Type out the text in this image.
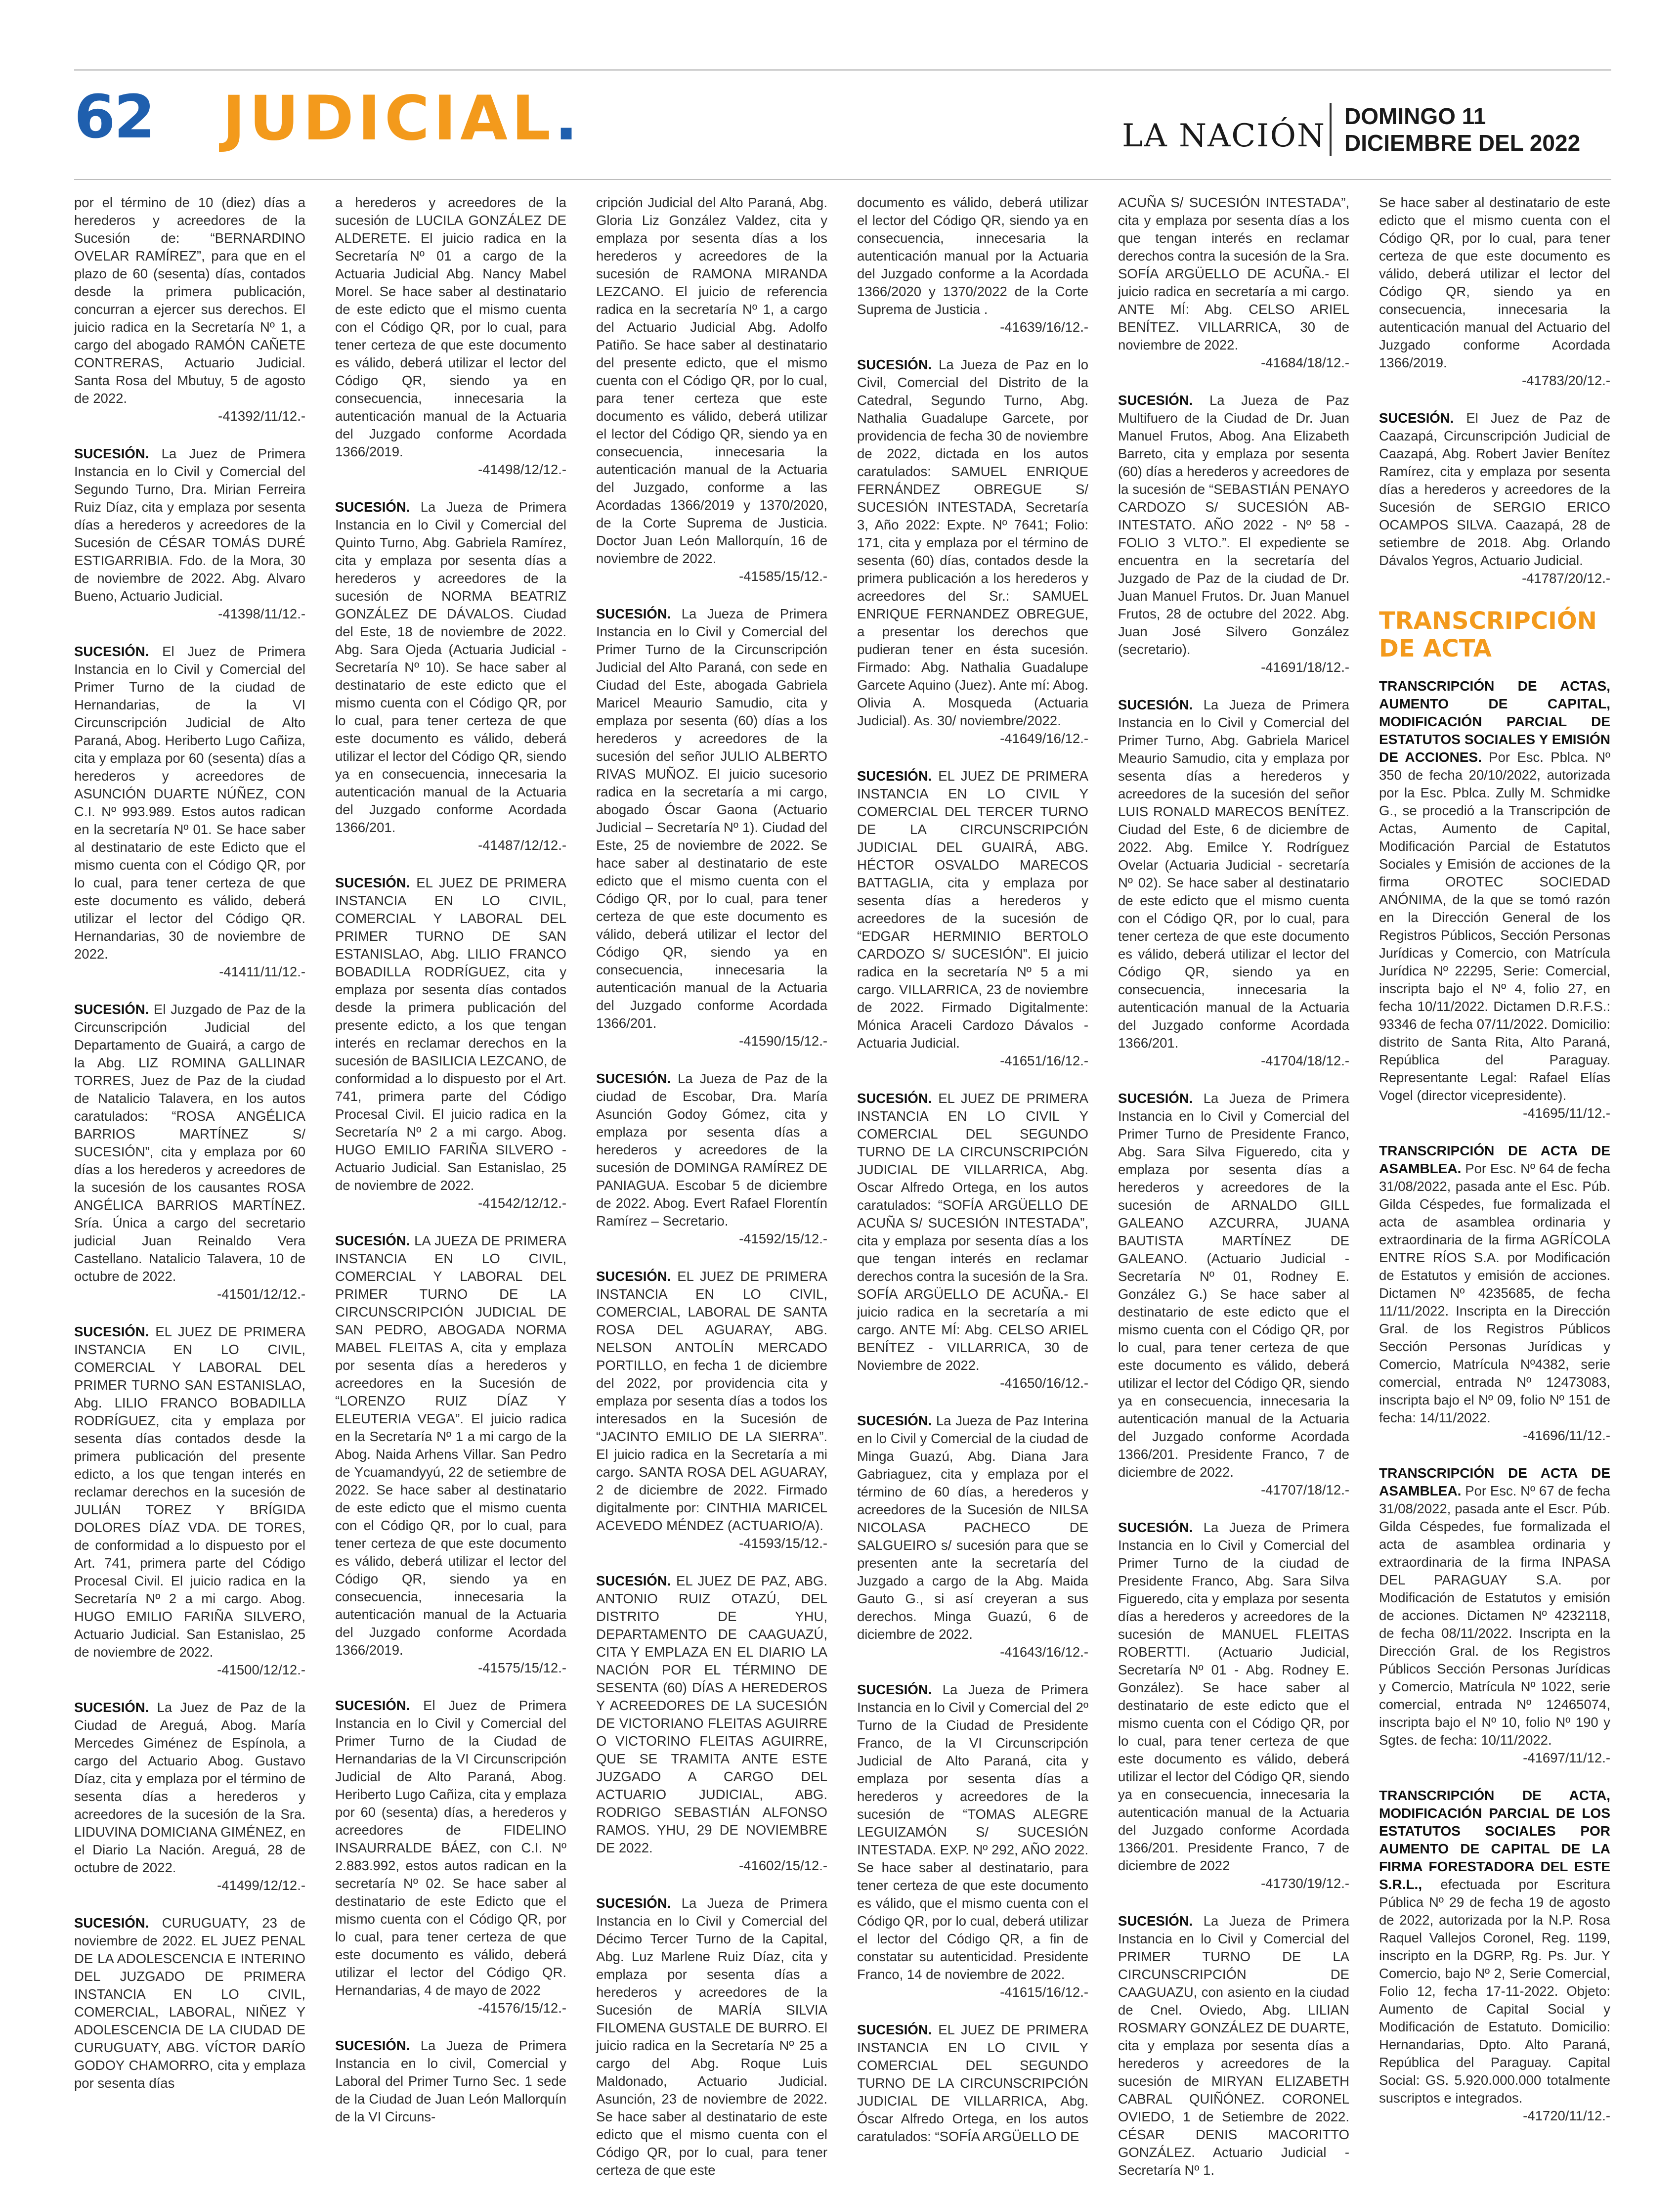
62 JUDICIAL.	LA NACIÓN
DOMINGO 11
DICIEMBRE DEL 2022

por el término de 10 (diez) días a herederos y acreedores de la Sucesión de: “BERNARDINO OVELAR RAMÍREZ”, para que en el plazo de 60 (sesenta) días, contados desde la primera publicación, concurran a ejercer sus derechos. El juicio radica en la Secretaría Nº 1, a cargo del abogado RAMÓN CAÑETE CONTRERAS, Actuario Judicial. Santa Rosa del Mbutuy, 5 de agosto de 2022.
-41392/11/12.-

SUCESIÓN. La Juez de Primera Instancia en lo Civil y Comercial del Segundo Turno, Dra. Mirian Ferreira Ruiz Díaz, cita y emplaza por sesenta días a herederos y acreedores de la Sucesión de CÉSAR TOMÁS DURÉ ESTIGARRIBIA. Fdo. de la Mora, 30 de noviembre de 2022. Abg. Alvaro Bueno, Actuario Judicial.
-41398/11/12.-

SUCESIÓN. El Juez de Primera Instancia en lo Civil y Comercial del Primer Turno de la ciudad de Hernandarias, de la VI Circunscripción Judicial de Alto Paraná, Abog. Heriberto Lugo Cañiza, cita y emplaza por 60 (sesenta) días a herederos y acreedores de ASUNCIÓN DUARTE NÚÑEZ, CON C.I. Nº 993.989. Estos autos radican en la secretaría Nº 01. Se hace saber al destinatario de este Edicto que el mismo cuenta con el Código QR, por lo cual, para tener certeza de que este documento es válido, deberá utilizar el lector del Código QR. Hernandarias, 30 de noviembre de 2022.
-41411/11/12.-

SUCESIÓN. El Juzgado de Paz de la Circunscripción Judicial del Departamento de Guairá, a cargo de la Abg. LIZ ROMINA GALLINAR TORRES, Juez de Paz de la ciudad de Natalicio Talavera, en los autos caratulados: “ROSA ANGÉLICA BARRIOS MARTÍNEZ S/ SUCESIÓN”, cita y emplaza por 60 días a los herederos y acreedores de la sucesión de los causantes ROSA ANGÉLICA BARRIOS MARTÍNEZ. Sría. Única a cargo del secretario judicial Juan Reinaldo Vera Castellano. Natalicio Talavera, 10 de octubre de 2022.
-41501/12/12.-

SUCESIÓN. EL JUEZ DE PRIMERA INSTANCIA EN LO CIVIL, COMERCIAL Y LABORAL DEL PRIMER TURNO SAN ESTANISLAO, Abg. LILIO FRANCO BOBADILLA RODRÍGUEZ, cita y emplaza por sesenta días contados desde la primera publicación del presente edicto, a los que tengan interés en reclamar derechos en la sucesión de JULIÁN TOREZ Y BRÍGIDA DOLORES DÍAZ VDA. DE TORES, de conformidad a lo dispuesto por el Art. 741, primera parte del Código Procesal Civil. El juicio radica en la Secretaría Nº 2 a mi cargo. Abog. HUGO EMILIO FARIÑA SILVERO, Actuario Judicial. San Estanislao, 25 de noviembre de 2022.
-41500/12/12.-

SUCESIÓN. La Juez de Paz de la Ciudad de Areguá, Abog. María Mercedes Giménez de Espínola, a cargo del Actuario Abog. Gustavo Díaz, cita y emplaza por el término de sesenta días a herederos y acreedores de la sucesión de la Sra. LIDUVINA DOMICIANA GIMÉNEZ, en el Diario La Nación. Areguá, 28 de octubre de 2022.
-41499/12/12.-

SUCESIÓN. CURUGUATY, 23 de noviembre de 2022. EL JUEZ PENAL DE LA ADOLESCENCIA E INTERINO DEL JUZGADO DE PRIMERA INSTANCIA EN LO CIVIL, COMERCIAL, LABORAL, NIÑEZ Y ADOLESCENCIA DE LA CIUDAD DE CURUGUATY, ABG. VÍCTOR DARÍO GODOY CHAMORRO, cita y emplaza por sesenta días

a herederos y acreedores de la sucesión de LUCILA GONZÁLEZ DE ALDERETE. El juicio radica en la Secretaría Nº 01 a cargo de la Actuaria Judicial Abg. Nancy Mabel Morel. Se hace saber al destinatario de este edicto que el mismo cuenta con el Código QR, por lo cual, para tener certeza de que este documento es válido, deberá utilizar el lector del Código QR, siendo ya en consecuencia, innecesaria la autenticación manual de la Actuaria del Juzgado conforme Acordada 1366/2019.
-41498/12/12.-

SUCESIÓN. La Jueza de Primera Instancia en lo Civil y Comercial del Quinto Turno, Abg. Gabriela Ramírez, cita y emplaza por sesenta días a herederos y acreedores de la sucesión de NORMA BEATRIZ GONZÁLEZ DE DÁVALOS. Ciudad del Este, 18 de noviembre de 2022. Abg. Sara Ojeda (Actuaria Judicial - Secretaría Nº 10). Se hace saber al destinatario de este edicto que el mismo cuenta con el Código QR, por lo cual, para tener certeza de que este documento es válido, deberá utilizar el lector del Código QR, siendo ya en consecuencia, innecesaria la autenticación manual de la Actuaria del Juzgado conforme Acordada 1366/201.
-41487/12/12.-

SUCESIÓN. EL JUEZ DE PRIMERA INSTANCIA EN LO CIVIL, COMERCIAL Y LABORAL DEL PRIMER TURNO DE SAN ESTANISLAO, Abg. LILIO FRANCO BOBADILLA RODRÍGUEZ, cita y emplaza por sesenta días contados desde la primera publicación del presente edicto, a los que tengan interés en reclamar derechos en la sucesión de BASILICIA LEZCANO, de conformidad a lo dispuesto por el Art. 741, primera parte del Código Procesal Civil. El juicio radica en la Secretaría Nº 2 a mi cargo. Abog. HUGO EMILIO FARIÑA SILVERO - Actuario Judicial. San Estanislao, 25 de noviembre de 2022.
-41542/12/12.-

SUCESIÓN. LA JUEZA DE PRIMERA INSTANCIA EN LO CIVIL, COMERCIAL Y LABORAL DEL PRIMER TURNO DE LA CIRCUNSCRIPCIÓN JUDICIAL DE SAN PEDRO, ABOGADA NORMA MABEL FLEITAS A, cita y emplaza por sesenta días a herederos y acreedores en la Sucesión de “LORENZO RUIZ DÍAZ Y ELEUTERIA VEGA”. El juicio radica en la Secretaría Nº 1 a mi cargo de la Abog. Naida Arhens Villar. San Pedro de Ycuamandyyú, 22 de setiembre de 2022. Se hace saber al destinatario de este edicto que el mismo cuenta con el Código QR, por lo cual, para tener certeza de que este documento es válido, deberá utilizar el lector del Código QR, siendo ya en consecuencia, innecesaria la autenticación manual de la Actuaria del Juzgado conforme Acordada 1366/2019.
-41575/15/12.-

SUCESIÓN. El Juez de Primera Instancia en lo Civil y Comercial del Primer Turno de la Ciudad de Hernandarias de la VI Circunscripción Judicial de Alto Paraná, Abog. Heriberto Lugo Cañiza, cita y emplaza por 60 (sesenta) días, a herederos y acreedores de FIDELINO INSAURRALDE BÁEZ, con C.I. Nº 2.883.992, estos autos radican en la secretaría Nº 02. Se hace saber al destinatario de este Edicto que el mismo cuenta con el Código QR, por lo cual, para tener certeza de que este documento es válido, deberá utilizar el lector del Código QR. Hernandarias, 4 de mayo de 2022
-41576/15/12.-

SUCESIÓN. La Jueza de Primera Instancia en lo civil, Comercial y Laboral del Primer Turno Sec. 1 sede de la Ciudad de Juan León Mallorquín de la VI Circuns-

cripción Judicial del Alto Paraná, Abg. Gloria Liz González Valdez, cita y emplaza por sesenta días a los herederos y acreedores de la sucesión de RAMONA MIRANDA LEZCANO. El juicio de referencia radica en la secretaría Nº 1, a cargo del Actuario Judicial Abg. Adolfo Patiño. Se hace saber al destinatario del presente edicto, que el mismo cuenta con el Código QR, por lo cual, para tener certeza que este documento es válido, deberá utilizar el lector del Código QR, siendo ya en consecuencia, innecesaria la autenticación manual de la Actuaria del Juzgado, conforme a las Acordadas 1366/2019 y 1370/2020, de la Corte Suprema de Justicia. Doctor Juan León Mallorquín, 16 de noviembre de 2022.
-41585/15/12.-

SUCESIÓN. La Jueza de Primera Instancia en lo Civil y Comercial del Primer Turno de la Circunscripción Judicial del Alto Paraná, con sede en Ciudad del Este, abogada Gabriela Maricel Meaurio Samudio, cita y emplaza por sesenta (60) días a los herederos y acreedores de la sucesión del señor JULIO ALBERTO RIVAS MUÑOZ. El juicio sucesorio radica en la secretaría a mi cargo, abogado Óscar Gaona (Actuario Judicial – Secretaría Nº 1). Ciudad del Este, 25 de noviembre de 2022. Se hace saber al destinatario de este edicto que el mismo cuenta con el Código QR, por lo cual, para tener certeza de que este documento es válido, deberá utilizar el lector del Código QR, siendo ya en consecuencia, innecesaria la autenticación manual de la Actuaria del Juzgado conforme Acordada 1366/201.
-41590/15/12.-

SUCESIÓN. La Jueza de Paz de la ciudad de Escobar, Dra. María Asunción Godoy Gómez, cita y emplaza por sesenta días a herederos y acreedores de la sucesión de DOMINGA RAMÍREZ DE PANIAGUA. Escobar 5 de diciembre de 2022. Abog. Evert Rafael Florentín Ramírez – Secretario.
-41592/15/12.-

SUCESIÓN. EL JUEZ DE PRIMERA INSTANCIA EN LO CIVIL, COMERCIAL, LABORAL DE SANTA ROSA DEL AGUARAY, ABG. NELSON ANTOLÍN MERCADO PORTILLO, en fecha 1 de diciembre del 2022, por providencia cita y emplaza por sesenta días a todos los interesados en la Sucesión de “JACINTO EMILIO DE LA SIERRA”. El juicio radica en la Secretaría a mi cargo. SANTA ROSA DEL AGUARAY, 2 de diciembre de 2022. Firmado digitalmente por: CINTHIA MARICEL ACEVEDO MÉNDEZ (ACTUARIO/A).
-41593/15/12.-

SUCESIÓN. EL JUEZ DE PAZ, ABG. ANTONIO RUIZ OTAZÚ, DEL DISTRITO DE YHU, DEPARTAMENTO DE CAAGUAZÚ, CITA Y EMPLAZA EN EL DIARIO LA NACIÓN POR EL TÉRMINO DE SESENTA (60) DÍAS A HEREDEROS Y ACREEDORES DE LA SUCESIÓN DE VICTORIANO FLEITAS AGUIRRE O VICTORINO FLEITAS AGUIRRE, QUE SE TRAMITA ANTE ESTE JUZGADO A CARGO DEL ACTUARIO JUDICIAL, ABG. RODRIGO SEBASTIÁN ALFONSO RAMOS. YHU, 29 DE NOVIEMBRE DE 2022.
-41602/15/12.-

SUCESIÓN. La Jueza de Primera Instancia en lo Civil y Comercial del Décimo Tercer Turno de la Capital, Abg. Luz Marlene Ruiz Díaz, cita y emplaza por sesenta días a herederos y acreedores de la Sucesión de MARÍA SILVIA FILOMENA GUSTALE DE BURRO. El juicio radica en la Secretaría Nº 25 a cargo del Abg. Roque Luis Maldonado, Actuario Judicial. Asunción, 23 de noviembre de 2022. Se hace saber al destinatario de este edicto que el mismo cuenta con el Código QR, por lo cual, para tener certeza de que este

documento es válido, deberá utilizar el lector del Código QR, siendo ya en consecuencia, innecesaria la autenticación manual por la Actuaria del Juzgado conforme a la Acordada 1366/2020 y 1370/2022 de la Corte Suprema de Justicia .
-41639/16/12.-

SUCESIÓN. La Jueza de Paz en lo Civil, Comercial del Distrito de la Catedral, Segundo Turno, Abg. Nathalia Guadalupe Garcete, por providencia de fecha 30 de noviembre de 2022, dictada en los autos caratulados: SAMUEL ENRIQUE FERNÁNDEZ OBREGUE S/ SUCESIÓN INTESTADA, Secretaría 3, Año 2022: Expte. Nº 7641; Folio: 171, cita y emplaza por el término de sesenta (60) días, contados desde la primera publicación a los herederos y acreedores del Sr.: SAMUEL ENRIQUE FERNANDEZ OBREGUE, a presentar los derechos que pudieran tener en ésta sucesión. Firmado: Abg. Nathalia Guadalupe Garcete Aquino (Juez). Ante mí: Abog. Olivia A. Mosqueda (Actuaria Judicial). As. 30/ noviembre/2022.
-41649/16/12.-

SUCESIÓN. EL JUEZ DE PRIMERA INSTANCIA EN LO CIVIL Y COMERCIAL DEL TERCER TURNO DE LA CIRCUNSCRIPCIÓN JUDICIAL DEL GUAIRÁ, ABG. HÉCTOR OSVALDO MARECOS BATTAGLIA, cita y emplaza por sesenta días a herederos y acreedores de la sucesión de “EDGAR HERMINIO BERTOLO CARDOZO S/ SUCESIÓN”. El juicio radica en la secretaría Nº 5 a mi cargo. VILLARRICA, 23 de noviembre de 2022. Firmado Digitalmente: Mónica Araceli Cardozo Dávalos - Actuaria Judicial.
-41651/16/12.-

SUCESIÓN. EL JUEZ DE PRIMERA INSTANCIA EN LO CIVIL Y COMERCIAL DEL SEGUNDO TURNO DE LA CIRCUNSCRIPCIÓN JUDICIAL DE VILLARRICA, Abg. Oscar Alfredo Ortega, en los autos caratulados: “SOFÍA ARGÜELLO DE ACUÑA S/ SUCESIÓN INTESTADA”, cita y emplaza por sesenta días a los que tengan interés en reclamar derechos contra la sucesión de la Sra. SOFÍA ARGÜELLO DE ACUÑA.- El juicio radica en la secretaría a mi cargo. ANTE MÍ: Abg. CELSO ARIEL BENÍTEZ - VILLARRICA, 30 de Noviembre de 2022.
-41650/16/12.-

SUCESIÓN. La Jueza de Paz Interina en lo Civil y Comercial de la ciudad de Minga Guazú, Abg. Diana Jara Gabriaguez, cita y emplaza por el término de 60 días, a herederos y acreedores de la Sucesión de NILSA NICOLASA PACHECO DE SALGUEIRO s/ sucesión para que se presenten ante la secretaría del Juzgado a cargo de la Abg. Maida Gauto G., si así creyeran a sus derechos. Minga Guazú, 6 de diciembre de 2022.
-41643/16/12.-

SUCESIÓN. La Jueza de Primera Instancia en lo Civil y Comercial del 2º Turno de la Ciudad de Presidente Franco, de la VI Circunscripción Judicial de Alto Paraná, cita y emplaza por sesenta días a herederos y acreedores de la sucesión de “TOMAS ALEGRE LEGUIZAMÓN S/ SUCESIÓN INTESTADA. EXP. Nº 292, AÑO 2022. Se hace saber al destinatario, para tener certeza de que este documento es válido, que el mismo cuenta con el Código QR, por lo cual, deberá utilizar el lector del Código QR, a fin de constatar su autenticidad. Presidente Franco, 14 de noviembre de 2022.
-41615/16/12.-

SUCESIÓN. EL JUEZ DE PRIMERA INSTANCIA EN LO CIVIL Y COMERCIAL DEL SEGUNDO TURNO DE LA CIRCUNSCRIPCIÓN JUDICIAL DE VILLARRICA, Abg. Óscar Alfredo Ortega, en los autos caratulados: “SOFÍA ARGÜELLO DE

ACUÑA S/ SUCESIÓN INTESTADA”, cita y emplaza por sesenta días a los que tengan interés en reclamar derechos contra la sucesión de la Sra. SOFÍA ARGÜELLO DE ACUÑA.- El juicio radica en secretaría a mi cargo. ANTE MÍ: Abg. CELSO ARIEL BENÍTEZ. VILLARRICA, 30 de noviembre de 2022.
-41684/18/12.-

SUCESIÓN. La Jueza de Paz Multifuero de la Ciudad de Dr. Juan Manuel Frutos, Abog. Ana Elizabeth Barreto, cita y emplaza por sesenta (60) días a herederos y acreedores de la sucesión de “SEBASTIÁN PENAYO CARDOZO S/ SUCESIÓN AB-INTESTATO. AÑO 2022 - Nº 58 - FOLIO 3 VLTO.”. El expediente se encuentra en la secretaría del Juzgado de Paz de la ciudad de Dr. Juan Manuel Frutos. Dr. Juan Manuel Frutos, 28 de octubre del 2022. Abg. Juan José Silvero González (secretario).
-41691/18/12.-

SUCESIÓN. La Jueza de Primera Instancia en lo Civil y Comercial del Primer Turno, Abg. Gabriela Maricel Meaurio Samudio, cita y emplaza por sesenta días a herederos y acreedores de la sucesión del señor LUIS RONALD MARECOS BENÍTEZ. Ciudad del Este, 6 de diciembre de 2022. Abg. Emilce Y. Rodríguez Ovelar (Actuaria Judicial - secretaría Nº 02). Se hace saber al destinatario de este edicto que el mismo cuenta con el Código QR, por lo cual, para tener certeza de que este documento es válido, deberá utilizar el lector del Código QR, siendo ya en consecuencia, innecesaria la autenticación manual de la Actuaria del Juzgado conforme Acordada 1366/201.
-41704/18/12.-

SUCESIÓN. La Jueza de Primera Instancia en lo Civil y Comercial del Primer Turno de Presidente Franco, Abg. Sara Silva Figueredo, cita y emplaza por sesenta días a herederos y acreedores de la sucesión de ARNALDO GILL GALEANO AZCURRA, JUANA BAUTISTA MARTÍNEZ DE GALEANO. (Actuario Judicial - Secretaría Nº 01, Rodney E. González G.) Se hace saber al destinatario de este edicto que el mismo cuenta con el Código QR, por lo cual, para tener certeza de que este documento es válido, deberá utilizar el lector del Código QR, siendo ya en consecuencia, innecesaria la autenticación manual de la Actuaria del Juzgado conforme Acordada 1366/201. Presidente Franco, 7 de diciembre de 2022.
-41707/18/12.-

SUCESIÓN. La Jueza de Primera Instancia en lo Civil y Comercial del Primer Turno de la ciudad de Presidente Franco, Abg. Sara Silva Figueredo, cita y emplaza por sesenta días a herederos y acreedores de la sucesión de MANUEL FLEITAS ROBERTTI. (Actuario Judicial, Secretaría Nº 01 - Abg. Rodney E. González). Se hace saber al destinatario de este edicto que el mismo cuenta con el Código QR, por lo cual, para tener certeza de que este documento es válido, deberá utilizar el lector del Código QR, siendo ya en consecuencia, innecesaria la autenticación manual de la Actuaria del Juzgado conforme Acordada 1366/201. Presidente Franco, 7 de diciembre de 2022
-41730/19/12.-

SUCESIÓN. La Jueza de Primera Instancia en lo Civil y Comercial del PRIMER TURNO DE LA CIRCUNSCRIPCIÓN DE CAAGUAZU, con asiento en la ciudad de Cnel. Oviedo, Abg. LILIAN ROSMARY GONZÁLEZ DE DUARTE, cita y emplaza por sesenta días a herederos y acreedores de la sucesión de MIRYAN ELIZABETH CABRAL QUIÑÓNEZ. CORONEL OVIEDO, 1 de Setiembre de 2022. CÉSAR DENIS MACORITTO GONZÁLEZ. Actuario Judicial - Secretaría Nº 1.

Se hace saber al destinatario de este edicto que el mismo cuenta con el Código QR, por lo cual, para tener certeza de que este documento es válido, deberá utilizar el lector del Código QR, siendo ya en consecuencia, innecesaria la autenticación manual del Actuario del Juzgado conforme Acordada 1366/2019.
-41783/20/12.-

SUCESIÓN. El Juez de Paz de Caazapá, Circunscripción Judicial de Caazapá, Abg. Robert Javier Benítez Ramírez, cita y emplaza por sesenta días a herederos y acreedores de la Sucesión de SERGIO ERICO OCAMPOS SILVA. Caazapá, 28 de setiembre de 2018. Abg. Orlando Dávalos Yegros, Actuario Judicial.
-41787/20/12.-

TRANSCRIPCIÓN DE ACTA

TRANSCRIPCIÓN DE ACTAS, AUMENTO DE CAPITAL, MODIFICACIÓN PARCIAL DE ESTATUTOS SOCIALES Y EMISIÓN DE ACCIONES. Por Esc. Pblca. Nº 350 de fecha 20/10/2022, autorizada por la Esc. Pblca. Zully M. Schmidke G., se procedió a la Transcripción de Actas, Aumento de Capital, Modificación Parcial de Estatutos Sociales y Emisión de acciones de la firma OROTEC SOCIEDAD ANÓNIMA, de la que se tomó razón en la Dirección General de los Registros Públicos, Sección Personas Jurídicas y Comercio, con Matrícula Jurídica Nº 22295, Serie: Comercial, inscripta bajo el Nº 4, folio 27, en fecha 10/11/2022. Dictamen D.R.F.S.: 93346 de fecha 07/11/2022. Domicilio: distrito de Santa Rita, Alto Paraná, República del Paraguay. Representante Legal: Rafael Elías Vogel (director vicepresidente).
-41695/11/12.-

TRANSCRIPCIÓN DE ACTA DE ASAMBLEA. Por Esc. Nº 64 de fecha 31/08/2022, pasada ante el Esc. Púb. Gilda Céspedes, fue formalizada el acta de asamblea ordinaria y extraordinaria de la firma AGRÍCOLA ENTRE RÍOS S.A. por Modificación de Estatutos y emisión de acciones. Dictamen Nº 4235685, de fecha 11/11/2022. Inscripta en la Dirección Gral. de los Registros Públicos Sección Personas Jurídicas y Comercio, Matrícula Nº4382, serie comercial, entrada Nº 12473083, inscripta bajo el Nº 09, folio Nº 151 de fecha: 14/11/2022.
-41696/11/12.-

TRANSCRIPCIÓN DE ACTA DE ASAMBLEA. Por Esc. Nº 67 de fecha 31/08/2022, pasada ante el Escr. Púb. Gilda Céspedes, fue formalizada el acta de asamblea ordinaria y extraordinaria de la firma INPASA DEL PARAGUAY S.A. por Modificación de Estatutos y emisión de acciones. Dictamen Nº 4232118, de fecha 08/11/2022. Inscripta en la Dirección Gral. de los Registros Públicos Sección Personas Jurídicas y Comercio, Matrícula Nº 1022, serie comercial, entrada Nº 12465074, inscripta bajo el Nº 10, folio Nº 190 y Sgtes. de fecha: 10/11/2022.
-41697/11/12.-

TRANSCRIPCIÓN DE ACTA, MODIFICACIÓN PARCIAL DE LOS ESTATUTOS SOCIALES POR AUMENTO DE CAPITAL DE LA FIRMA FORESTADORA DEL ESTE S.R.L., efectuada por Escritura Pública Nº 29 de fecha 19 de agosto de 2022, autorizada por la N.P. Rosa Raquel Vallejos Coronel, Reg. 1199, inscripto en la DGRP, Rg. Ps. Jur. Y Comercio, bajo Nº 2, Serie Comercial, Folio 12, fecha 17-11-2022. Objeto: Aumento de Capital Social y Modificación de Estatuto. Domicilio: Hernandarias, Dpto. Alto Paraná, República del Paraguay. Capital Social: GS. 5.920.000.000 totalmente suscriptos e integrados.
-41720/11/12.-
